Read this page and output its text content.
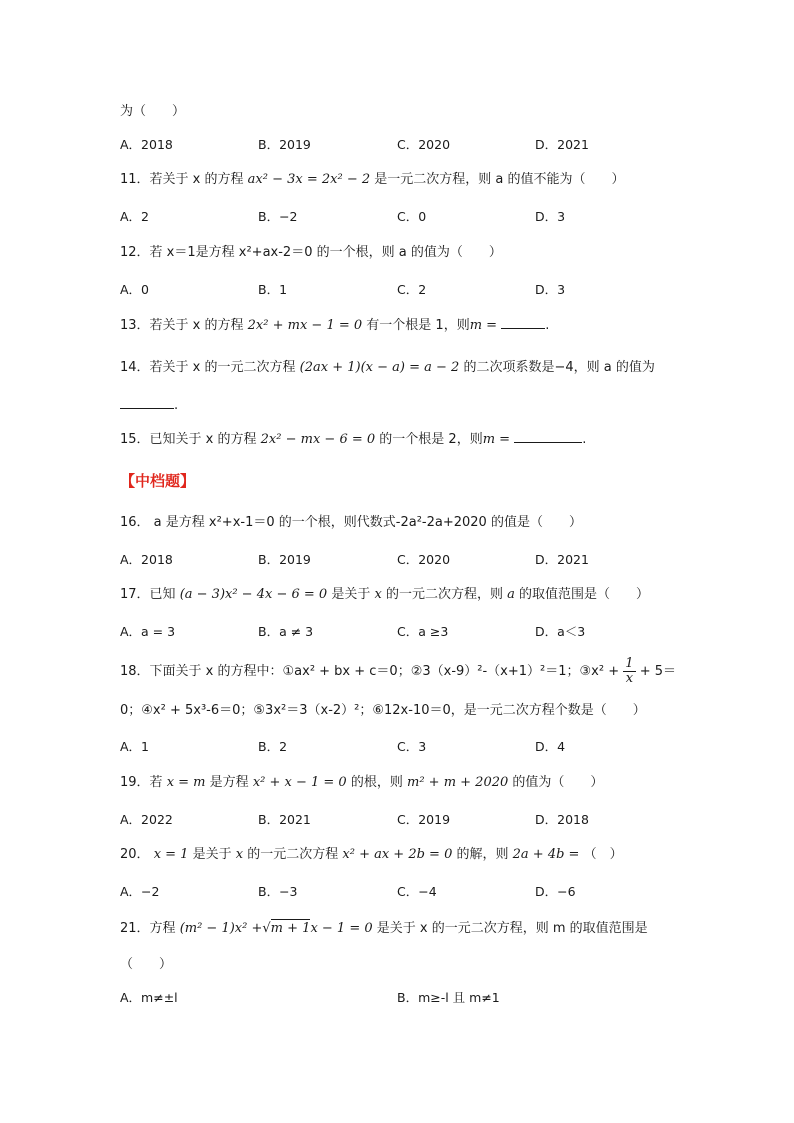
为（　　）
A．2018	B．2019	C．2020	D．2021
11．若关于 x 的方程 ax² − 3x = 2x² − 2 是一元二次方程，则 a 的值不能为（　　）
A．2	B．−2	C．0	D．3
12．若 x＝1是方程 x²+ax-2＝0 的一个根，则 a 的值为（　　）
A．0	B．1	C．2	D．3
13．若关于 x 的方程 2x² + mx − 1 = 0 有一个根是 1，则m =	.
14．若关于 x 的一元二次方程 (2ax + 1)(x − a) = a − 2 的二次项系数是−4，则 a 的值为
.
15．已知关于 x 的方程 2x² − mx − 6 = 0 的一个根是 2，则m =	.
【中档题】
16． a 是方程 x²+x-1＝0 的一个根，则代数式-2a²-2a+2020 的值是（　　）
A．2018	B．2019	C．2020	D．2021
17．已知 (a − 3)x² − 4x − 6 = 0 是关于 x 的一元二次方程，则 a 的取值范围是（　　）
A．a = 3	B．a ≠ 3	C．a ≥3	D．a＜3
18．下面关于 x 的方程中：①ax² + bx + c＝0；②3（x-9）²-（x+1）²＝1；③x² + $\frac{1}{x} + 5=$
0；④x² + 5x³-6＝0；⑤3x²＝3（x-2）²；⑥12x-10＝0，是一元二次方程个数是（　　）
A．1	B．2	C．3	D．4
19．若 x = m 是方程 x² + x − 1 = 0 的根，则 m² + m + 2020 的值为（　　）
A．2022	B．2021	C．2019	D．2018
20． x = 1 是关于 x 的一元二次方程 x² + ax + 2b = 0 的解，则 2a + 4b = （　）
A．−2	B．−3	C．−4	D．−6
21．方程 (m² − 1)x² +√m + 1x − 1 = 0 是关于 x 的一元二次方程，则 m 的取值范围是
（　　）
A．m≠±l	B．m≥-l 且 m≠1
